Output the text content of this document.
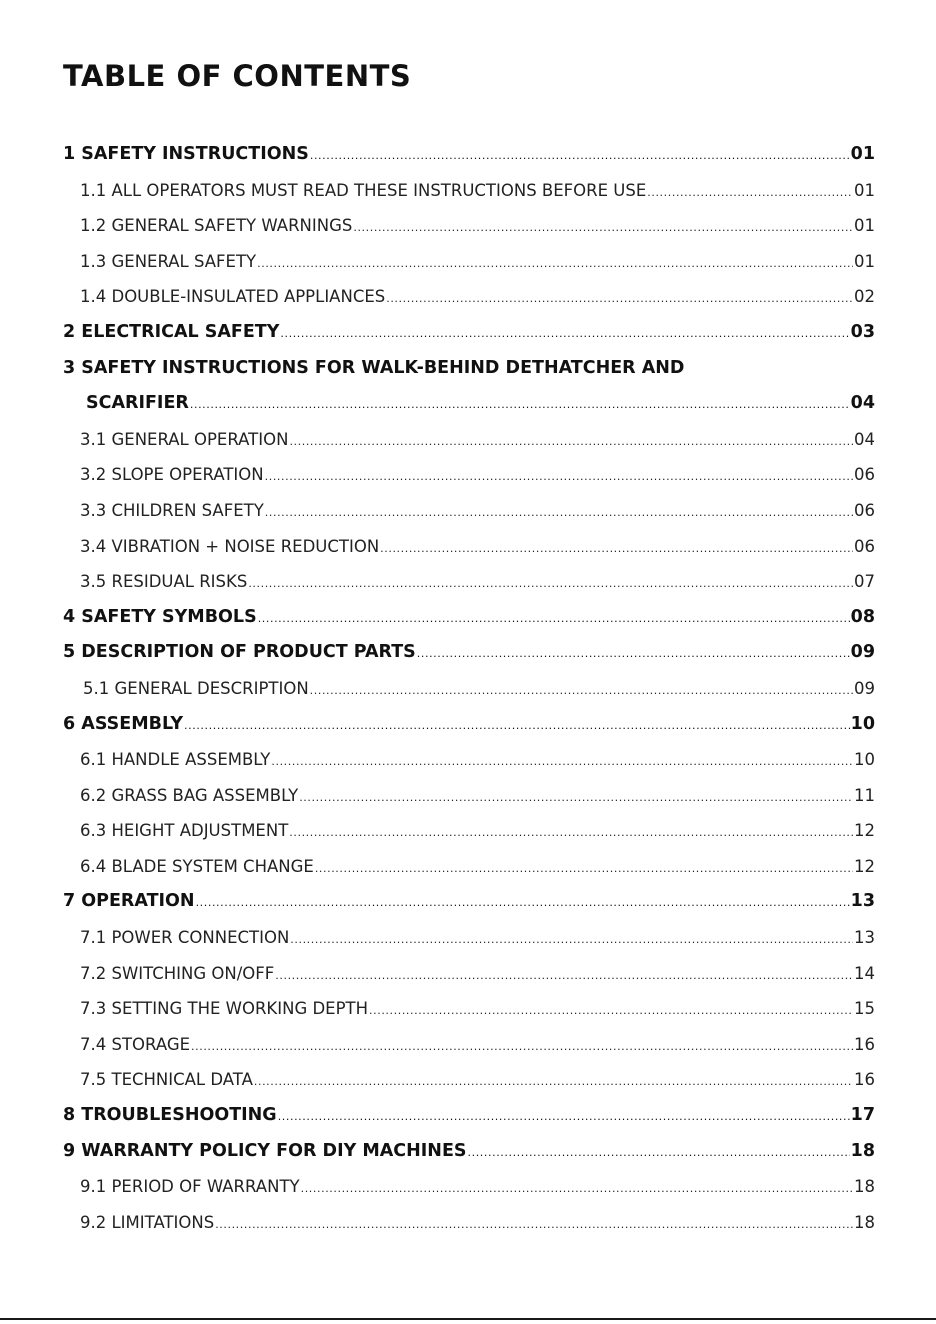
TABLE OF CONTENTS
1 SAFETY INSTRUCTIONS .....	01
1.1 ALL OPERATORS MUST READ THESE INSTRUCTIONS BEFORE USE .....	01
1.2 GENERAL SAFETY WARNINGS .....	01
1.3 GENERAL SAFETY .....	01
1.4 DOUBLE-INSULATED APPLIANCES .....	02
2 ELECTRICAL SAFETY .....	03
3 SAFETY INSTRUCTIONS FOR WALK-BEHIND DETHATCHER AND
SCARIFIER .....	04
3.1 GENERAL OPERATION .....	04
3.2 SLOPE OPERATION .....	06
3.3 CHILDREN SAFETY .....	06
3.4 VIBRATION + NOISE REDUCTION .....	06
3.5 RESIDUAL RISKS .....	07
4 SAFETY SYMBOLS .....	08
5 DESCRIPTION OF PRODUCT PARTS .....	09
5.1 GENERAL DESCRIPTION .....	09
6 ASSEMBLY .....	10
6.1 HANDLE ASSEMBLY .....	10
6.2 GRASS BAG ASSEMBLY .....	11
6.3 HEIGHT ADJUSTMENT .....	12
6.4 BLADE SYSTEM CHANGE .....	12
7 OPERATION .....	13
7.1 POWER CONNECTION .....	13
7.2 SWITCHING ON/OFF .....	14
7.3 SETTING THE WORKING DEPTH .....	15
7.4 STORAGE .....	16
7.5 TECHNICAL DATA .....	16
8 TROUBLESHOOTING .....	17
9 WARRANTY POLICY FOR DIY MACHINES .....	18
9.1 PERIOD OF WARRANTY .....	18
9.2 LIMITATIONS .....	18
